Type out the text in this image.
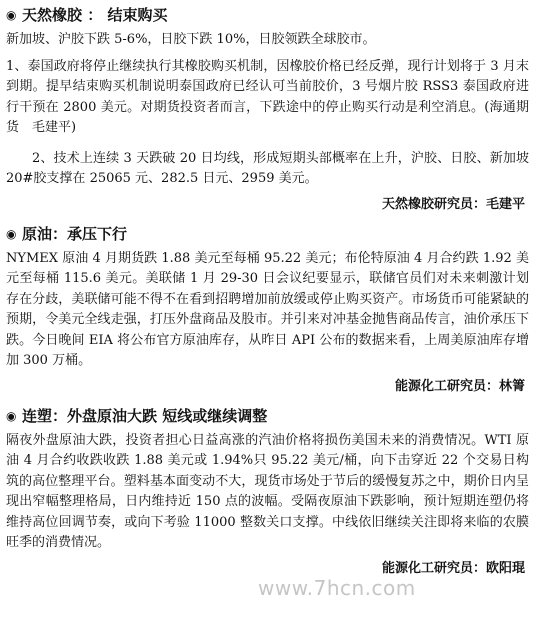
◉ 天然橡胶 ： 结束购买

新加坡、沪胶下跌 5-6%，日胶下跌 10%，日胶领跌全球胶市。

1、泰国政府将停止继续执行其橡胶购买机制，因橡胶价格已经反弹，现行计划将于 3 月末到期。提早结束购买机制说明泰国政府已经认可当前胶价，3 号烟片胶 RSS3 泰国政府进行干预在 2800 美元。对期货投资者而言，下跌途中的停止购买行动是利空消息。(海通期货　毛建平)

2、技术上连续 3 天跌破 20 日均线，形成短期头部概率在上升，沪胶、日胶、新加坡 20#胶支撑在 25065 元、282.5 日元、2959 美元。

天然橡胶研究员：毛建平
◉ 原油：承压下行

NYMEX 原油 4 月期货跌 1.88 美元至每桶 95.22 美元；布伦特原油 4 月合约跌 1.92 美元至每桶 115.6 美元。美联储 1 月 29-30 日会议纪要显示，联储官员们对未来刺激计划存在分歧，美联储可能不得不在看到招聘增加前放缓或停止购买资产。市场货币可能紧缺的预期，令美元全线走强，打压外盘商品及股市。并引来对冲基金抛售商品传言，油价承压下跌。今日晚间 EIA 将公布官方原油库存，从昨日 API 公布的数据来看，上周美原油库存增加 300 万桶。

能源化工研究员：林箐
◉ 连塑：外盘原油大跌 短线或继续调整

隔夜外盘原油大跌，投资者担心日益高涨的汽油价格将损伤美国未来的消费情况。WTI 原油 4 月合约收跌收跌 1.88 美元或 1.94%只 95.22 美元/桶，向下击穿近 22 个交易日构筑的高位整理平台。塑料基本面变动不大，现货市场处于节后的缓慢复苏之中，期价日内呈现出窄幅整理格局，日内维持近 150 点的波幅。受隔夜原油下跌影响，预计短期连塑仍将维持高位回调节奏，或向下考验 11000 整数关口支撑。中线依旧继续关注即将来临的农膜旺季的消费情况。

能源化工研究员：欧阳琨
www.7hcn.com
